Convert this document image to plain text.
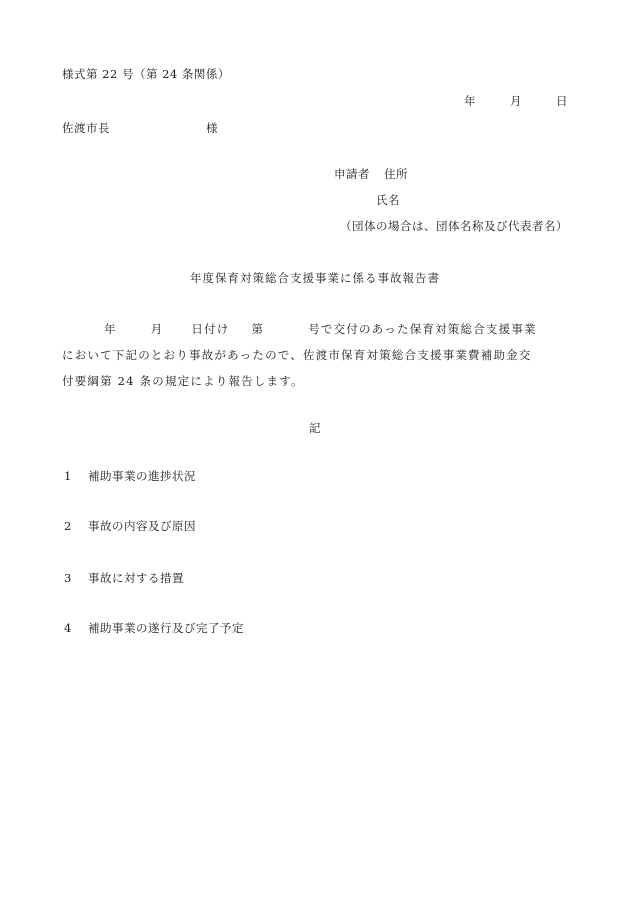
様式第 22 号（第 24 条関係）
年	月	日
佐渡市長	様
申請者 住所
氏名
（団体の場合は、団体名称及び代表者名）
年度保育対策総合支援事業に係る事故報告書
年	月 日付け 第	号で交付のあった保育対策総合支援事業
において下記のとおり事故があったので、佐渡市保育対策総合支援事業費補助金交
付要綱第 24 条の規定により報告します。
記
1 補助事業の進捗状況
2 事故の内容及び原因
3 事故に対する措置
4 補助事業の遂行及び完了予定
